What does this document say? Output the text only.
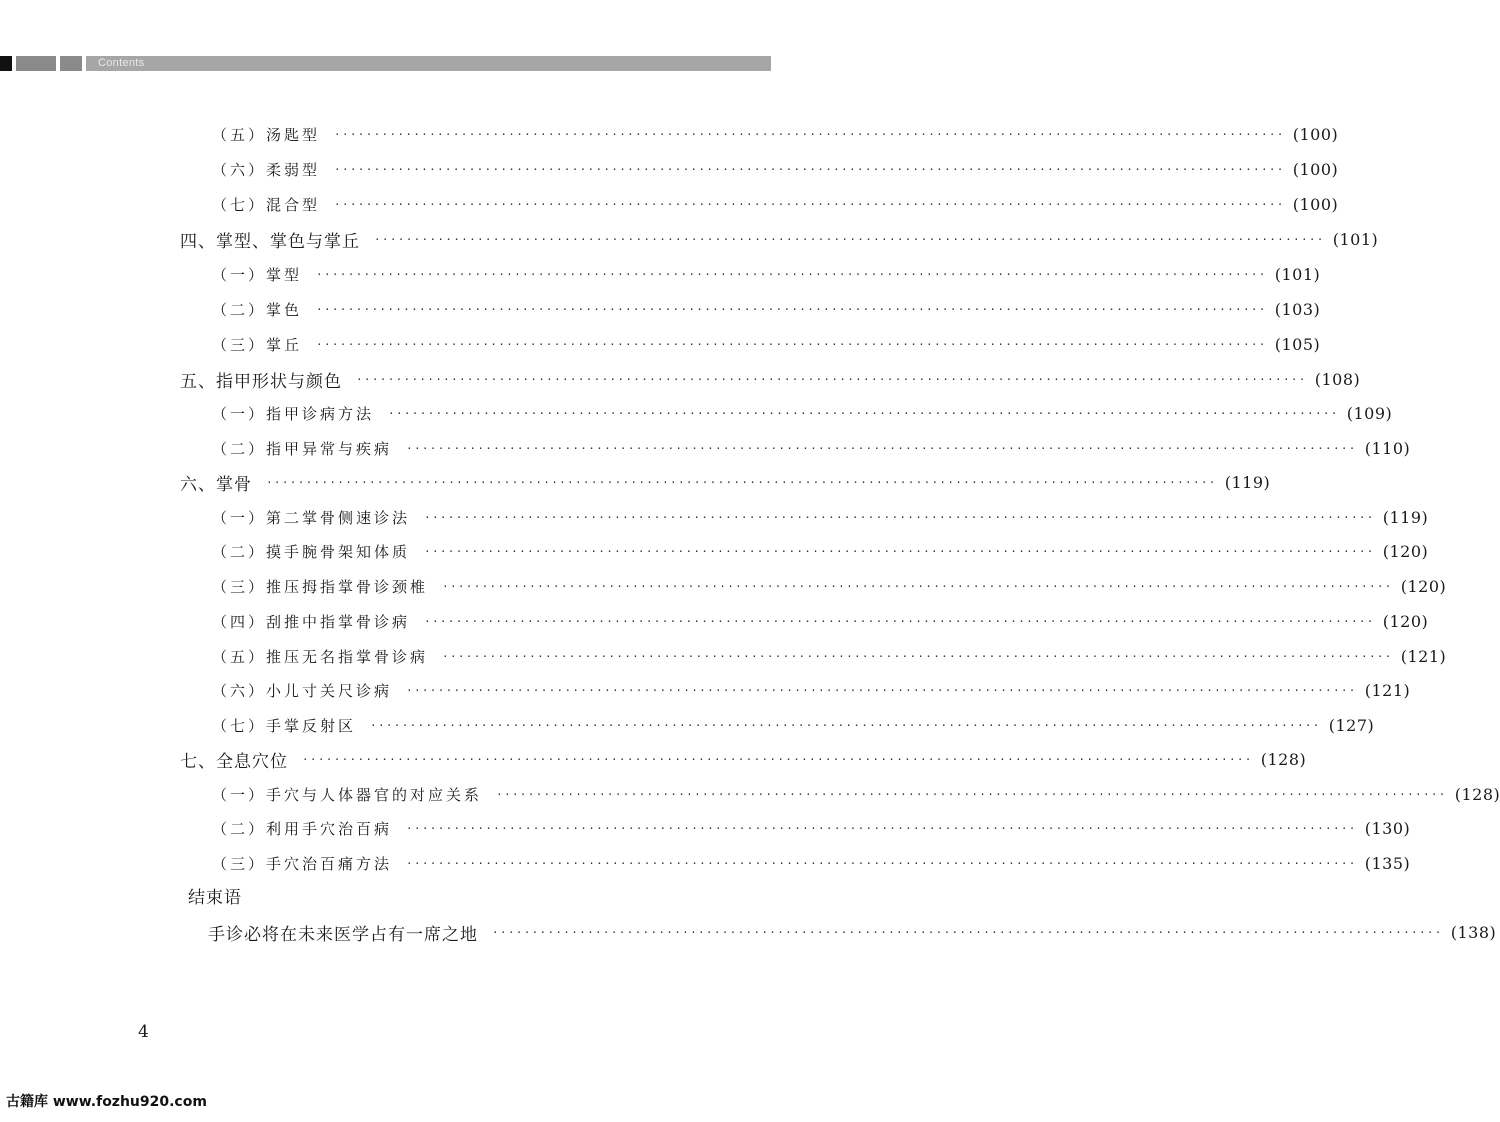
Contents
（五）汤匙型 ························································································································ (100)
（六）柔弱型 ························································································································ (100)
（七）混合型 ························································································································ (100)
四、掌型、掌色与掌丘 ························································································································ (101)
（一）掌型 ························································································································ (101)
（二）掌色 ························································································································ (103)
（三）掌丘 ························································································································ (105)
五、指甲形状与颜色 ························································································································ (108)
（一）指甲诊病方法 ························································································································ (109)
（二）指甲异常与疾病 ························································································································ (110)
六、掌骨 ························································································································ (119)
（一）第二掌骨侧速诊法 ························································································································ (119)
（二）摸手腕骨架知体质 ························································································································ (120)
（三）推压拇指掌骨诊颈椎 ························································································································ (120)
（四）刮推中指掌骨诊病 ························································································································ (120)
（五）推压无名指掌骨诊病 ························································································································ (121)
（六）小儿寸关尺诊病 ························································································································ (121)
（七）手掌反射区 ························································································································ (127)
七、全息穴位 ························································································································ (128)
（一）手穴与人体器官的对应关系 ························································································································ (128)
（二）利用手穴治百病 ························································································································ (130)
（三）手穴治百痛方法 ························································································································ (135)
结束语
手诊必将在未来医学占有一席之地 ························································································································ (138)
4
古籍库 www.fozhu920.com
